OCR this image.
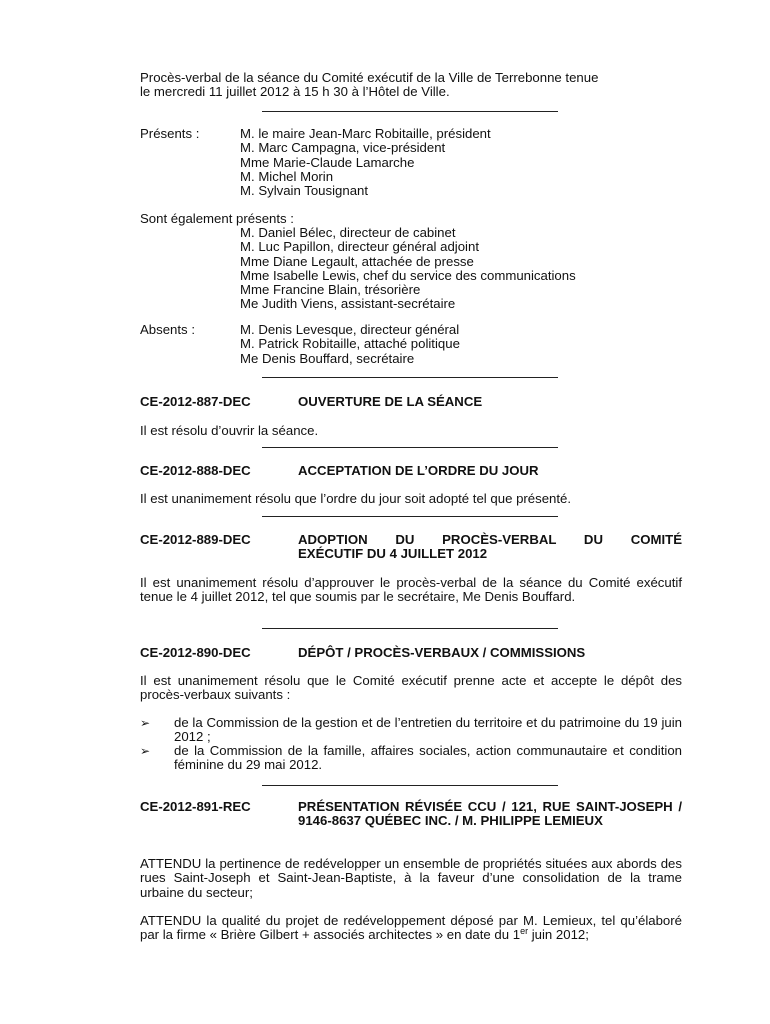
Procès-verbal de la séance du Comité exécutif de la Ville de Terrebonne tenue
le mercredi 11 juillet 2012 à 15 h 30 à l’Hôtel de Ville.
Présents :	M. le maire Jean-Marc Robitaille, président
M. Marc Campagna, vice-président
Mme Marie-Claude Lamarche
M. Michel Morin
M. Sylvain Tousignant
Sont également présents :
M. Daniel Bélec, directeur de cabinet
M. Luc Papillon, directeur général adjoint
Mme Diane Legault, attachée de presse
Mme Isabelle Lewis, chef du service des communications
Mme Francine Blain, trésorière
Me Judith Viens, assistant-secrétaire
Absents :	M. Denis Levesque, directeur général
M. Patrick Robitaille, attaché politique
Me Denis Bouffard, secrétaire
CE-2012-887-DEC	OUVERTURE DE LA SÉANCE
Il est résolu d’ouvrir la séance.
CE-2012-888-DEC	ACCEPTATION DE L’ORDRE DU JOUR
Il est unanimement résolu que l’ordre du jour soit adopté tel que présenté.
CE-2012-889-DEC	ADOPTION DU PROCÈS-VERBAL DU COMITÉ
EXÉCUTIF DU 4 JUILLET 2012
Il est unanimement résolu d’approuver le procès-verbal de la séance du Comité exécutif tenue le 4 juillet 2012, tel que soumis par le secrétaire, Me Denis Bouffard.
CE-2012-890-DEC	DÉPÔT / PROCÈS-VERBAUX / COMMISSIONS
Il est unanimement résolu que le Comité exécutif prenne acte et accepte le dépôt des procès-verbaux suivants :
➢ de la Commission de la gestion et de l’entretien du territoire et du patrimoine du 19 juin 2012 ;
➢ de la Commission de la famille, affaires sociales, action communautaire et condition féminine du 29 mai 2012.
CE-2012-891-REC	PRÉSENTATION RÉVISÉE CCU / 121, RUE SAINT-JOSEPH / 9146-8637 QUÉBEC INC. / M. PHILIPPE LEMIEUX
ATTENDU la pertinence de redévelopper un ensemble de propriétés situées aux abords des rues Saint-Joseph et Saint-Jean-Baptiste, à la faveur d’une consolidation de la trame urbaine du secteur;
ATTENDU la qualité du projet de redéveloppement déposé par M. Lemieux, tel qu’élaboré par la firme « Brière Gilbert + associés architectes » en date du 1er juin 2012;
